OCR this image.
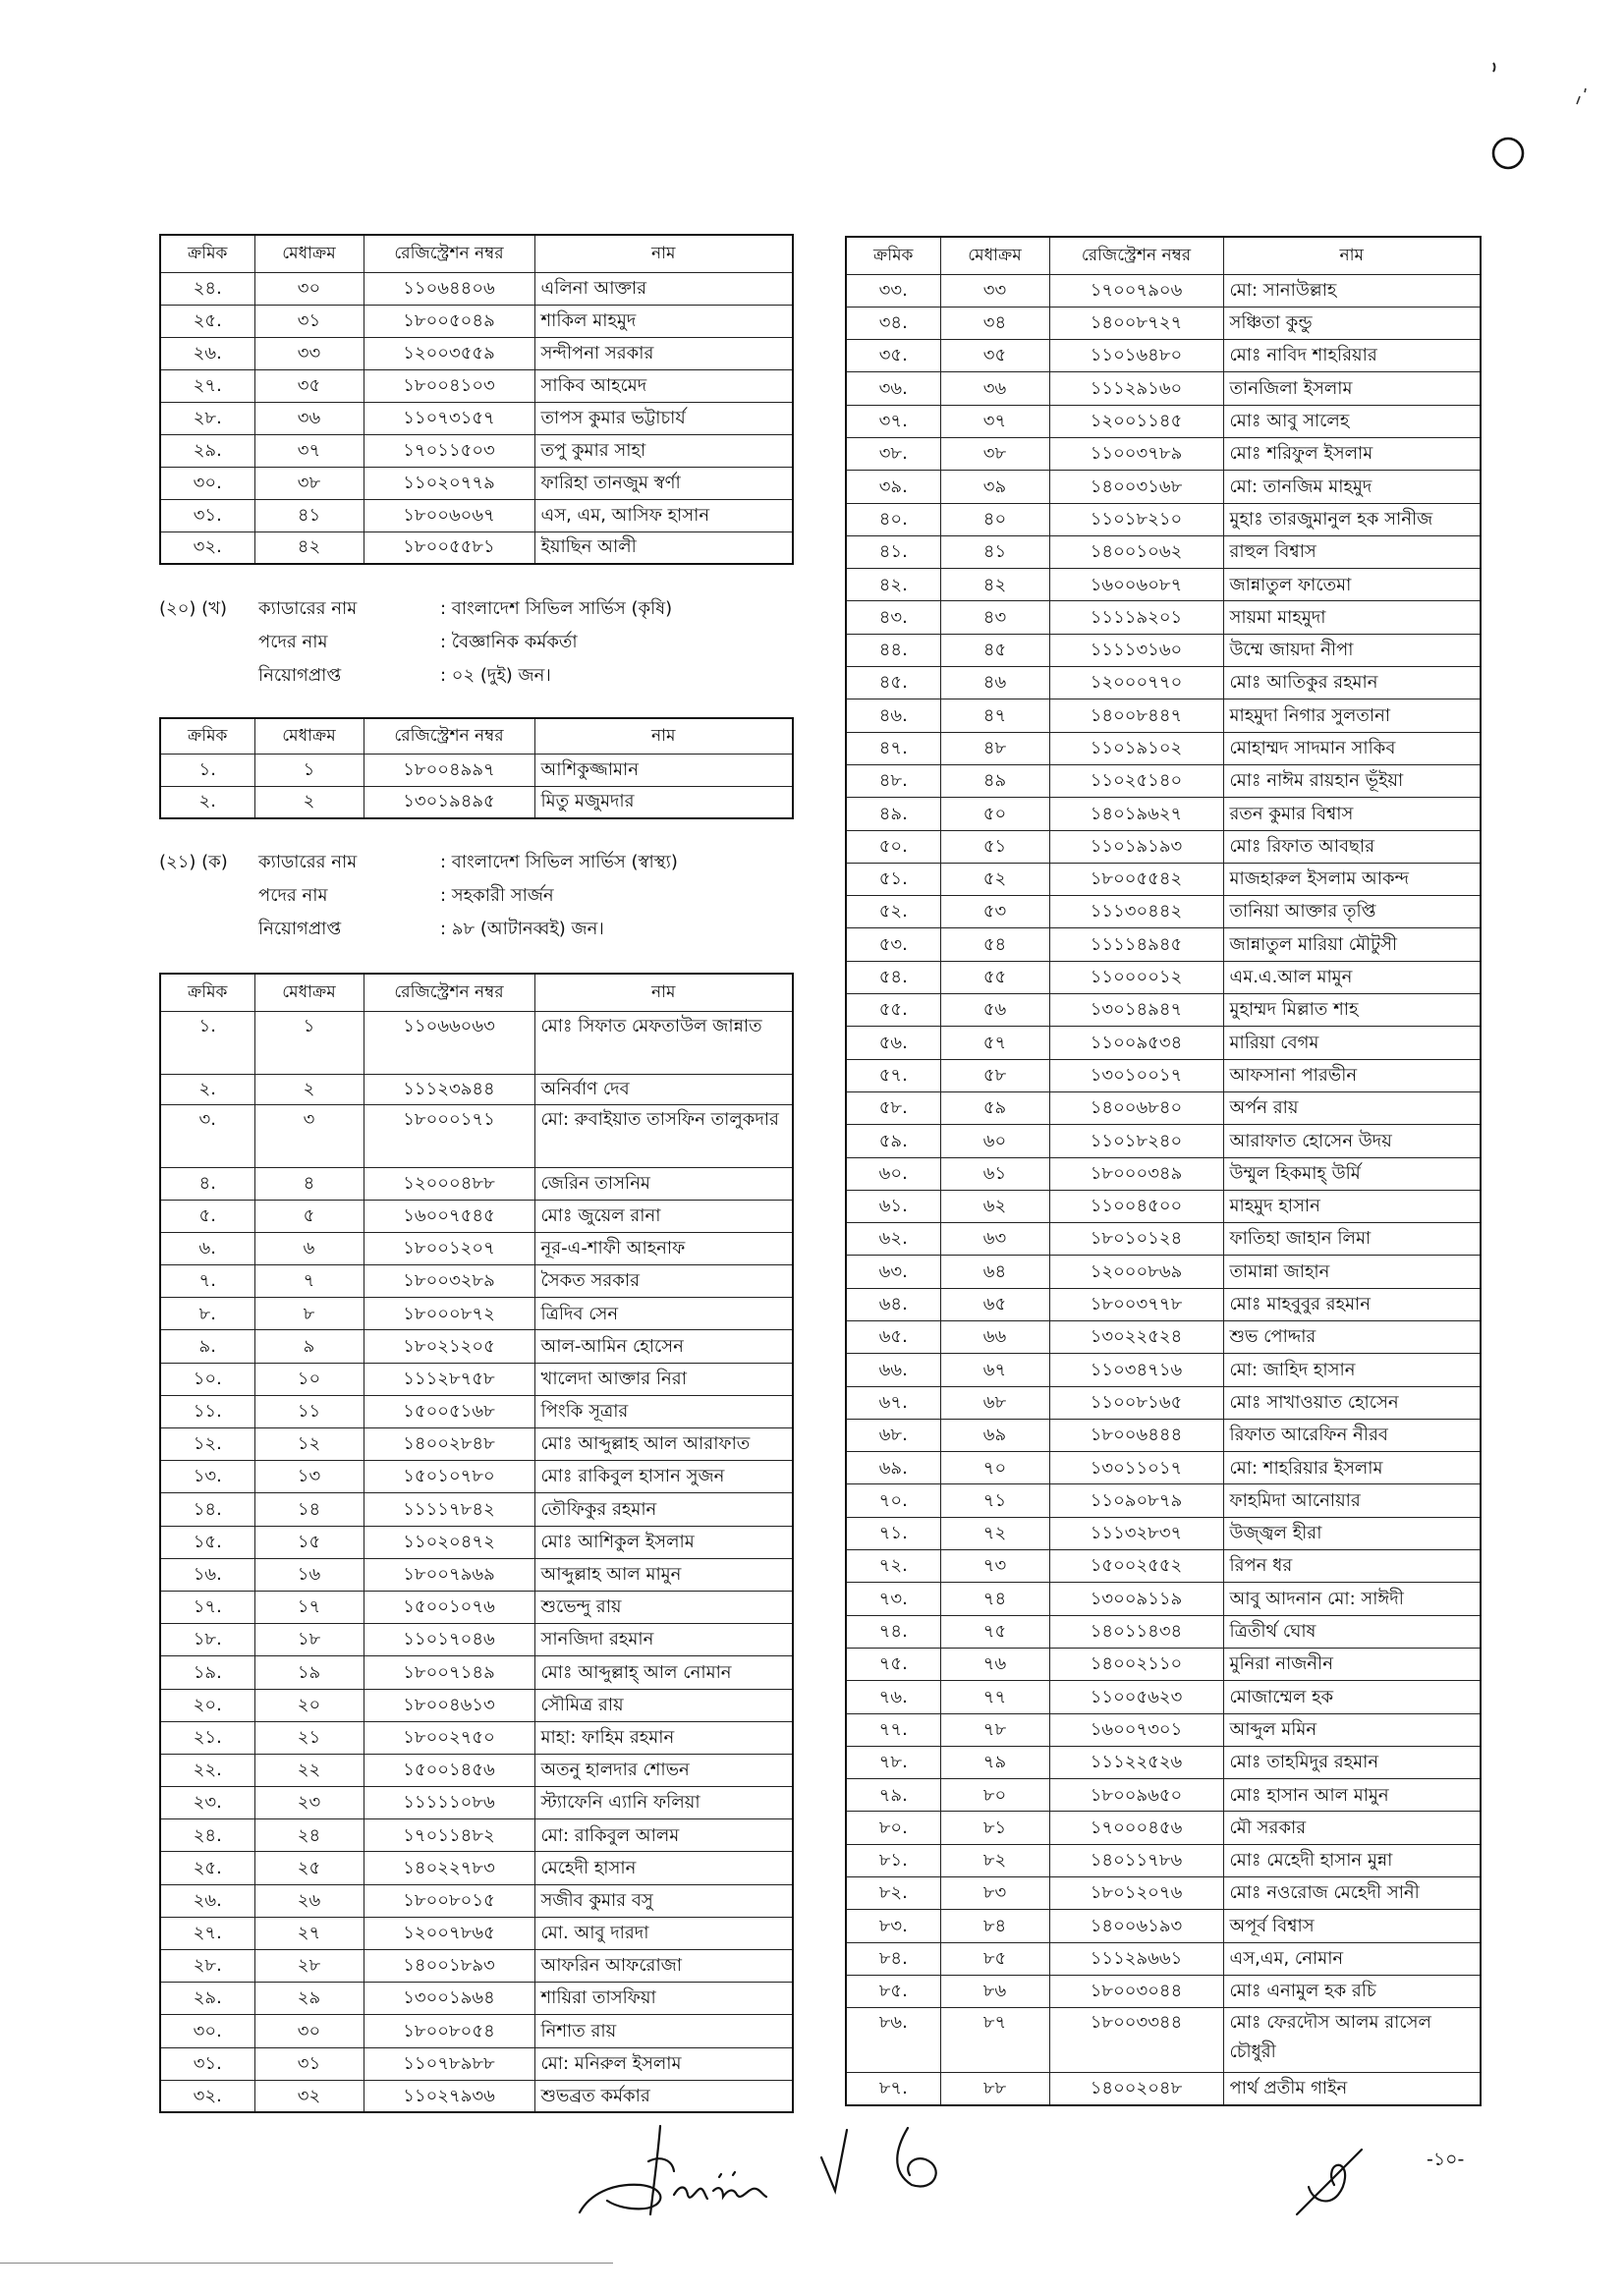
ক্রমিক	মেধাক্রম	রেজিস্ট্রেশন নম্বর	নাম
২৪.	৩০	১১০৬৪৪০৬	এলিনা আক্তার
২৫.	৩১	১৮০০৫০৪৯	শাকিল মাহমুদ
২৬.	৩৩	১২০০৩৫৫৯	সন্দীপনা সরকার
২৭.	৩৫	১৮০০৪১০৩	সাকিব আহমেদ
২৮.	৩৬	১১০৭৩১৫৭	তাপস কুমার ভট্টাচার্য
২৯.	৩৭	১৭০১১৫০৩	তপু কুমার সাহা
৩০.	৩৮	১১০২০৭৭৯	ফারিহা তানজুম স্বর্ণা
৩১.	৪১	১৮০০৬০৬৭	এস, এম, আসিফ হাসান
৩২.	৪২	১৮০০৫৫৮১	ইয়াছিন আলী
(২০) (খ) ক্যাডারের নাম	: বাংলাদেশ সিভিল সার্ভিস (কৃষি)
পদের নাম	: বৈজ্ঞানিক কর্মকর্তা
নিয়োগপ্রাপ্ত	: ০২ (দুই) জন।
ক্রমিক	মেধাক্রম	রেজিস্ট্রেশন নম্বর	নাম
১.	১	১৮০০৪৯৯৭	আশিকুজ্জামান
২.	২	১৩০১৯৪৯৫	মিতু মজুমদার
(২১) (ক) ক্যাডারের নাম	: বাংলাদেশ সিভিল সার্ভিস (স্বাস্থ্য)
পদের নাম	: সহকারী সার্জন
নিয়োগপ্রাপ্ত	: ৯৮ (আটানব্বই) জন।
ক্রমিক	মেধাক্রম	রেজিস্ট্রেশন নম্বর	নাম
১.	১	১১০৬৬০৬৩	মোঃ সিফাত মেফতাউল জান্নাত
২.	২	১১১২৩৯৪৪	অনির্বাণ দেব
৩.	৩	১৮০০০১৭১	মো: রুবাইয়াত তাসফিন তালুকদার
৪.	৪	১২০০০৪৮৮	জেরিন তাসনিম
৫.	৫	১৬০০৭৫৪৫	মোঃ জুয়েল রানা
৬.	৬	১৮০০১২০৭	নূর-এ-শাফী আহনাফ
৭.	৭	১৮০০৩২৮৯	সৈকত সরকার
৮.	৮	১৮০০০৮৭২	ত্রিদিব সেন
৯.	৯	১৮০২১২০৫	আল-আমিন হোসেন
১০.	১০	১১১২৮৭৫৮	খালেদা আক্তার নিরা
১১.	১১	১৫০০৫১৬৮	পিংকি সূত্রার
১২.	১২	১৪০০২৮৪৮	মোঃ আব্দুল্লাহ আল আরাফাত
১৩.	১৩	১৫০১০৭৮০	মোঃ রাকিবুল হাসান সুজন
১৪.	১৪	১১১১৭৮৪২	তৌফিকুর রহমান
১৫.	১৫	১১০২০৪৭২	মোঃ আশিকুল ইসলাম
১৬.	১৬	১৮০০৭৯৬৯	আব্দুল্লাহ আল মামুন
১৭.	১৭	১৫০০১০৭৬	শুভেন্দু রায়
১৮.	১৮	১১০১৭০৪৬	সানজিদা রহমান
১৯.	১৯	১৮০০৭১৪৯	মোঃ আব্দুল্লাহ্ আল নোমান
২০.	২০	১৮০০৪৬১৩	সৌমিত্র রায়
২১.	২১	১৮০০২৭৫০	মাহা: ফাহিম রহমান
২২.	২২	১৫০০১৪৫৬	অতনু হালদার শোভন
২৩.	২৩	১১১১১০৮৬	স্ট্যাফেনি এ্যানি ফলিয়া
২৪.	২৪	১৭০১১৪৮২	মো: রাকিবুল আলম
২৫.	২৫	১৪০২২৭৮৩	মেহেদী হাসান
২৬.	২৬	১৮০০৮০১৫	সজীব কুমার বসু
২৭.	২৭	১২০০৭৮৬৫	মো. আবু দারদা
২৮.	২৮	১৪০০১৮৯৩	আফরিন আফরোজা
২৯.	২৯	১৩০০১৯৬৪	শায়িরা তাসফিয়া
৩০.	৩০	১৮০০৮০৫৪	নিশাত রায়
৩১.	৩১	১১০৭৮৯৮৮	মো: মনিরুল ইসলাম
৩২.	৩২	১১০২৭৯৩৬	শুভব্রত কর্মকার
ক্রমিক	মেধাক্রম	রেজিস্ট্রেশন নম্বর	নাম
৩৩.	৩৩	১৭০০৭৯০৬	মো: সানাউল্লাহ
৩৪.	৩৪	১৪০০৮৭২৭	সঞ্চিতা কুন্ডু
৩৫.	৩৫	১১০১৬৪৮০	মোঃ নাবিদ শাহরিয়ার
৩৬.	৩৬	১১১২৯১৬০	তানজিলা ইসলাম
৩৭.	৩৭	১২০০১১৪৫	মোঃ আবু সালেহ
৩৮.	৩৮	১১০০৩৭৮৯	মোঃ শরিফুল ইসলাম
৩৯.	৩৯	১৪০০৩১৬৮	মো: তানজিম মাহমুদ
৪০.	৪০	১১০১৮২১০	মুহাঃ তারজুমানুল হক সানীজ
৪১.	৪১	১৪০০১০৬২	রাহুল বিশ্বাস
৪২.	৪২	১৬০০৬০৮৭	জান্নাতুল ফাতেমা
৪৩.	৪৩	১১১১৯২০১	সায়মা মাহমুদা
৪৪.	৪৫	১১১১৩১৬০	উম্মে জায়দা নীপা
৪৫.	৪৬	১২০০০৭৭০	মোঃ আতিকুর রহমান
৪৬.	৪৭	১৪০০৮৪৪৭	মাহমুদা নিগার সুলতানা
৪৭.	৪৮	১১০১৯১০২	মোহাম্মদ সাদমান সাকিব
৪৮.	৪৯	১১০২৫১৪০	মোঃ নাঈম রায়হান ভূঁইয়া
৪৯.	৫০	১৪০১৯৬২৭	রতন কুমার বিশ্বাস
৫০.	৫১	১১০১৯১৯৩	মোঃ রিফাত আবছার
৫১.	৫২	১৮০০৫৫৪২	মাজহারুল ইসলাম আকন্দ
৫২.	৫৩	১১১৩০৪৪২	তানিয়া আক্তার তৃপ্তি
৫৩.	৫৪	১১১১৪৯৪৫	জান্নাতুল মারিয়া মৌটুসী
৫৪.	৫৫	১১০০০০১২	এম.এ.আল মামুন
৫৫.	৫৬	১৩০১৪৯৪৭	মুহাম্মদ মিল্লাত শাহ
৫৬.	৫৭	১১০০৯৫৩৪	মারিয়া বেগম
৫৭.	৫৮	১৩০১০০১৭	আফসানা পারভীন
৫৮.	৫৯	১৪০০৬৮৪০	অর্পন রায়
৫৯.	৬০	১১০১৮২৪০	আরাফাত হোসেন উদয়
৬০.	৬১	১৮০০০৩৪৯	উম্মুল হিকমাহ্ উর্মি
৬১.	৬২	১১০০৪৫০০	মাহমুদ হাসান
৬২.	৬৩	১৮০১০১২৪	ফাতিহা জাহান লিমা
৬৩.	৬৪	১২০০০৮৬৯	তামান্না জাহান
৬৪.	৬৫	১৮০০৩৭৭৮	মোঃ মাহবুবুর রহমান
৬৫.	৬৬	১৩০২২৫২৪	শুভ পোদ্দার
৬৬.	৬৭	১১০৩৪৭১৬	মো: জাহিদ হাসান
৬৭.	৬৮	১১০০৮১৬৫	মোঃ সাখাওয়াত হোসেন
৬৮.	৬৯	১৮০০৬৪৪৪	রিফাত আরেফিন নীরব
৬৯.	৭০	১৩০১১০১৭	মো: শাহরিয়ার ইসলাম
৭০.	৭১	১১০৯০৮৭৯	ফাহমিদা আনোয়ার
৭১.	৭২	১১১৩২৮৩৭	উজ্জ্বল হীরা
৭২.	৭৩	১৫০০২৫৫২	রিপন ধর
৭৩.	৭৪	১৩০০৯১১৯	আবু আদনান মো: সাঈদী
৭৪.	৭৫	১৪০১১৪৩৪	ত্রিতীর্থ ঘোষ
৭৫.	৭৬	১৪০০২১১০	মুনিরা নাজনীন
৭৬.	৭৭	১১০০৫৬২৩	মোজাম্মেল হক
৭৭.	৭৮	১৬০০৭৩০১	আব্দুল মমিন
৭৮.	৭৯	১১১২২৫২৬	মোঃ তাহমিদুর রহমান
৭৯.	৮০	১৮০০৯৬৫০	মোঃ হাসান আল মামুন
৮০.	৮১	১৭০০০৪৫৬	মৌ সরকার
৮১.	৮২	১৪০১১৭৮৬	মোঃ মেহেদী হাসান মুন্না
৮২.	৮৩	১৮০১২০৭৬	মোঃ নওরোজ মেহেদী সানী
৮৩.	৮৪	১৪০০৬১৯৩	অপূর্ব বিশ্বাস
৮৪.	৮৫	১১১২৯৬৬১	এস,এম, নোমান
৮৫.	৮৬	১৮০০৩০৪৪	মোঃ এনামুল হক রচি
৮৬.	৮৭	১৮০০৩৩৪৪	মোঃ ফেরদৌস আলম রাসেল চৌধুরী
৮৭.	৮৮	১৪০০২০৪৮	পার্থ প্রতীম গাইন
-১০-
